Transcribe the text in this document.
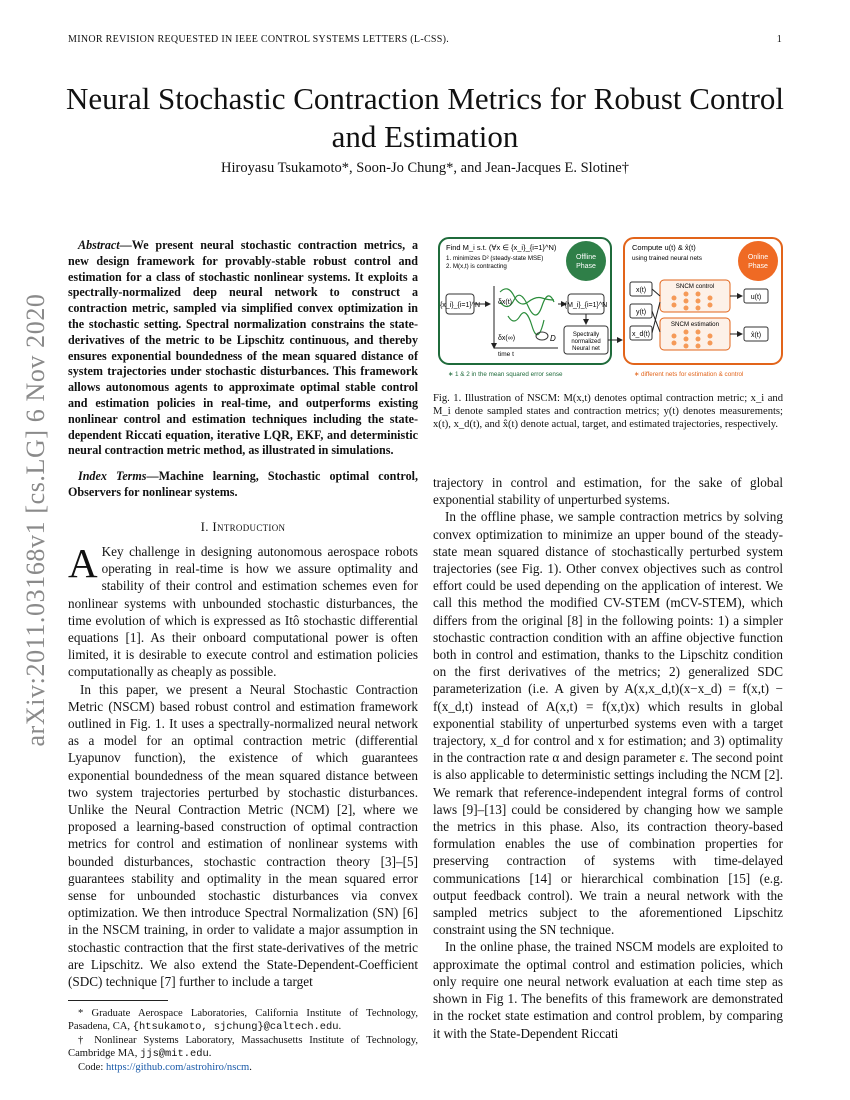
MINOR REVISION REQUESTED IN IEEE CONTROL SYSTEMS LETTERS (L-CSS).	1
arXiv:2011.03168v1 [cs.LG] 6 Nov 2020
Neural Stochastic Contraction Metrics for Robust Control and Estimation
Hiroyasu Tsukamoto*, Soon-Jo Chung*, and Jean-Jacques E. Slotine†

Abstract—We present neural stochastic contraction metrics, a new design framework for provably-stable robust control and estimation for a class of stochastic nonlinear systems. It exploits a spectrally-normalized deep neural network to construct a contraction metric, sampled via simplified convex optimization in the stochastic setting. Spectral normalization constrains the state-derivatives of the metric to be Lipschitz continuous, and thereby ensures exponential boundedness of the mean squared distance of system trajectories under stochastic disturbances. This framework allows autonomous agents to approximate optimal stable control and estimation policies in real-time, and outperforms existing nonlinear control and estimation techniques including the state-dependent Riccati equation, iterative LQR, EKF, and deterministic neural contraction metric method, as illustrated in simulations.

Index Terms—Machine learning, Stochastic optimal control, Observers for nonlinear systems.

I. Introduction

A Key challenge in designing autonomous aerospace robots operating in real-time is how we assure optimality and stability of their control and estimation schemes even for nonlinear systems with unbounded stochastic disturbances, the time evolution of which is expressed as Itô stochastic differential equations [1]. As their onboard computational power is often limited, it is desirable to execute control and estimation policies computationally as cheaply as possible.

In this paper, we present a Neural Stochastic Contraction Metric (NSCM) based robust control and estimation framework outlined in Fig. 1. It uses a spectrally-normalized neural network as a model for an optimal contraction metric (differential Lyapunov function), the existence of which guarantees exponential boundedness of the mean squared distance between two system trajectories perturbed by stochastic disturbances. Unlike the Neural Contraction Metric (NCM) [2], where we proposed a learning-based construction of optimal contraction metrics for control and estimation of nonlinear systems with bounded disturbances, stochastic contraction theory [3]–[5] guarantees stability and optimality in the mean squared error sense for unbounded stochastic disturbances via convex optimization. We then introduce Spectral Normalization (SN) [6] in the NSCM training, in order to validate a major assumption in stochastic contraction that the first state-derivatives of the metric are Lipschitz. We also extend the State-Dependent-Coefficient (SDC) technique [7] further to include a target

* Graduate Aerospace Laboratories, California Institute of Technology, Pasadena, CA, {htsukamoto, sjchung}@caltech.edu.

† Nonlinear Systems Laboratory, Massachusetts Institute of Technology, Cambridge MA, jjs@mit.edu.

Code: https://github.com/astrohiro/nscm.

Find M_i s.t. (∀x ∈ {x_i}_{i=1}^N)
1. minimizes D² (steady-state MSE)
2. M(x,t) is contracting
Offline
Phase
{x_i}_{i=1}^N	δx(t)
δx(∞)
time t
D
{M_i}_{i=1}^N
Spectrally
normalized
Neural net
∗ 1 & 2 in the mean squared error sense
Compute u(t) & x̂(t)
using trained neural nets	Online
Phase
x(t)
y(t)
x_d(t)
SNCM control
SNCM estimation
u(t)
x̂(t)
∗ different nets for estimation & control
Fig. 1. Illustration of NSCM: M(x,t) denotes optimal contraction metric; x_i and M_i denote sampled states and contraction metrics; y(t) denotes measurements; x(t), x_d(t), and x̂(t) denote actual, target, and estimated trajectories, respectively.

trajectory in control and estimation, for the sake of global exponential stability of unperturbed systems.

In the offline phase, we sample contraction metrics by solving convex optimization to minimize an upper bound of the steady-state mean squared distance of stochastically perturbed system trajectories (see Fig. 1). Other convex objectives such as control effort could be used depending on the application of interest. We call this method the modified CV-STEM (mCV-STEM), which differs from the original [8] in the following points: 1) a simpler stochastic contraction condition with an affine objective function both in control and estimation, thanks to the Lipschitz condition on the first derivatives of the metrics; 2) generalized SDC parameterization (i.e. A given by A(x,x_d,t)(x−x_d) = f(x,t) − f(x_d,t) instead of A(x,t) = f(x,t)x) which results in global exponential stability of unperturbed systems even with a target trajectory, x_d for control and x for estimation; and 3) optimality in the contraction rate α and design parameter ε. The second point is also applicable to deterministic settings including the NCM [2]. We remark that reference-independent integral forms of control laws [9]–[13] could be considered by changing how we sample the metrics in this phase. Also, its contraction theory-based formulation enables the use of combination properties for preserving contraction of systems with time-delayed communications [14] or hierarchical combination [15] (e.g. output feedback control). We train a neural network with the sampled metrics subject to the aforementioned Lipschitz constraint using the SN technique.

In the online phase, the trained NSCM models are exploited to approximate the optimal control and estimation policies, which only require one neural network evaluation at each time step as shown in Fig 1. The benefits of this framework are demonstrated in the rocket state estimation and control problem, by comparing it with the State-Dependent Riccati
